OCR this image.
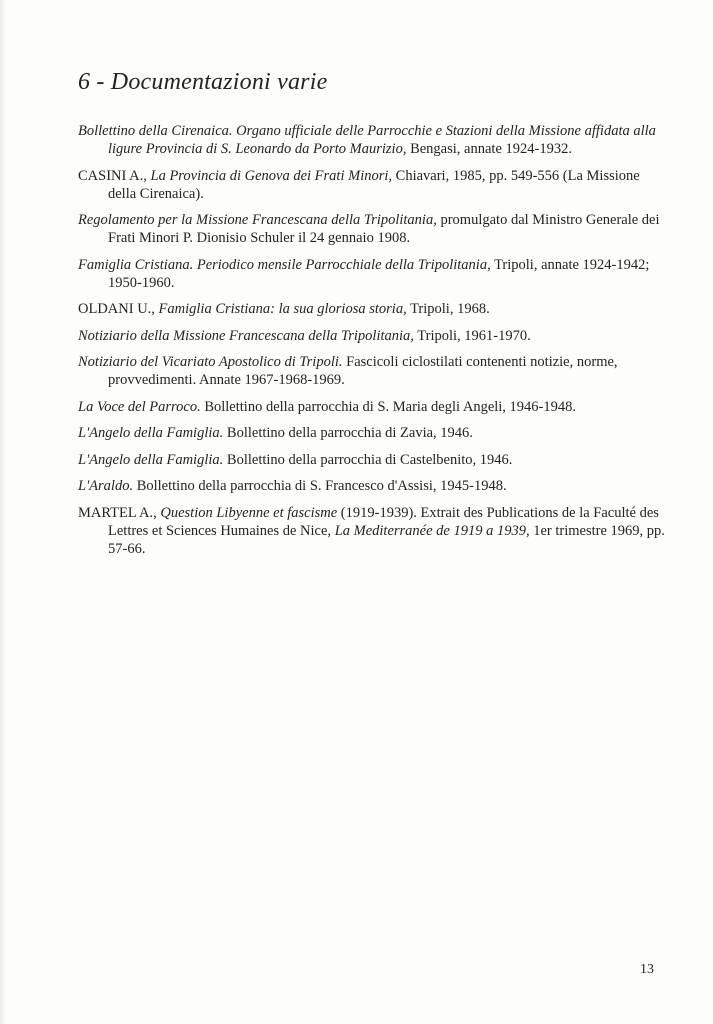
6 - Documentazioni varie
Bollettino della Cirenaica. Organo ufficiale delle Parrocchie e Stazioni della Missione affidata alla ligure Provincia di S. Leonardo da Porto Maurizio, Bengasi, annate 1924-1932.
CASINI A., La Provincia di Genova dei Frati Minori, Chiavari, 1985, pp. 549-556 (La Missione della Cirenaica).
Regolamento per la Missione Francescana della Tripolitania, promulgato dal Ministro Generale dei Frati Minori P. Dionisio Schuler il 24 gennaio 1908.
Famiglia Cristiana. Periodico mensile Parrocchiale della Tripolitania, Tripoli, annate 1924-1942; 1950-1960.
OLDANI U., Famiglia Cristiana: la sua gloriosa storia, Tripoli, 1968.
Notiziario della Missione Francescana della Tripolitania, Tripoli, 1961-1970.
Notiziario del Vicariato Apostolico di Tripoli. Fascicoli ciclostilati contenenti notizie, norme, provvedimenti. Annate 1967-1968-1969.
La Voce del Parroco. Bollettino della parrocchia di S. Maria degli Angeli, 1946-1948.
L'Angelo della Famiglia. Bollettino della parrocchia di Zavia, 1946.
L'Angelo della Famiglia. Bollettino della parrocchia di Castelbenito, 1946.
L'Araldo. Bollettino della parrocchia di S. Francesco d'Assisi, 1945-1948.
MARTEL A., Question Libyenne et fascisme (1919-1939). Extrait des Publications de la Faculté des Lettres et Sciences Humaines de Nice, La Mediterranée de 1919 a 1939, 1er trimestre 1969, pp. 57-66.
13
